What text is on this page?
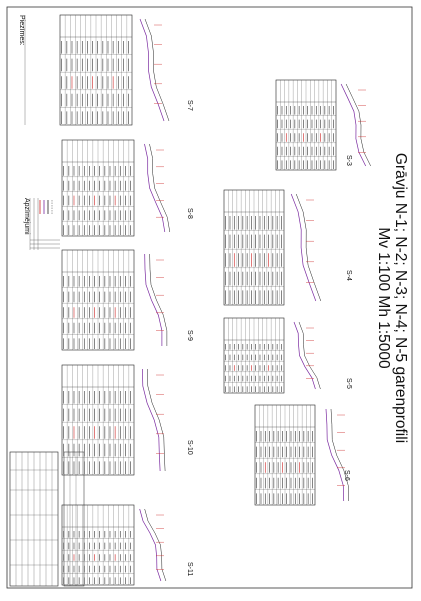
Piezīmes:
Apzīmējumi
S-7
S-8
S-9
S-10
S-11
S-3
S-4
S-5
S-6
Grāvju N-1; N-2; N-3; N-4; N-5 garenprofili
Mv 1:100 Mh 1:5000
